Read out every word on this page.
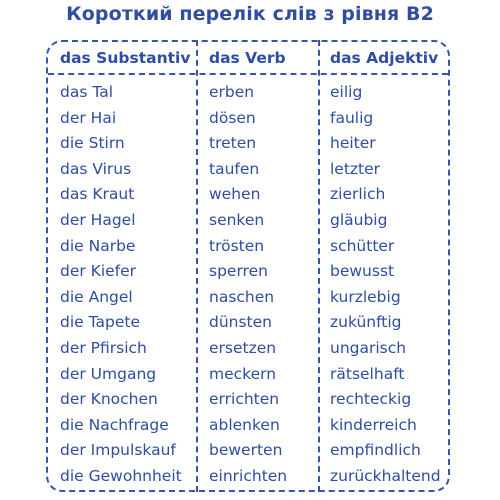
Короткий перелік слів з рівня B2
das Substantiv das Verb	das Adjektiv
das Tal
der Hai
die Stirn
das Virus
das Kraut
der Hagel
die Narbe
der Kiefer
die Angel
die Tapete
der Pfirsich
der Umgang
der Knochen
die Nachfrage
der Impulskauf
die Gewohnheit
erben
dösen
treten
taufen
wehen
senken
trösten
sperren
naschen
dünsten
ersetzen
meckern
errichten
ablenken
bewerten
einrichten
eilig
faulig
heiter
letzter
zierlich
gläubig
schütter
bewusst
kurzlebig
zukünftig
ungarisch
rätselhaft
rechteckig
kinderreich
empfindlich
zurückhaltend
